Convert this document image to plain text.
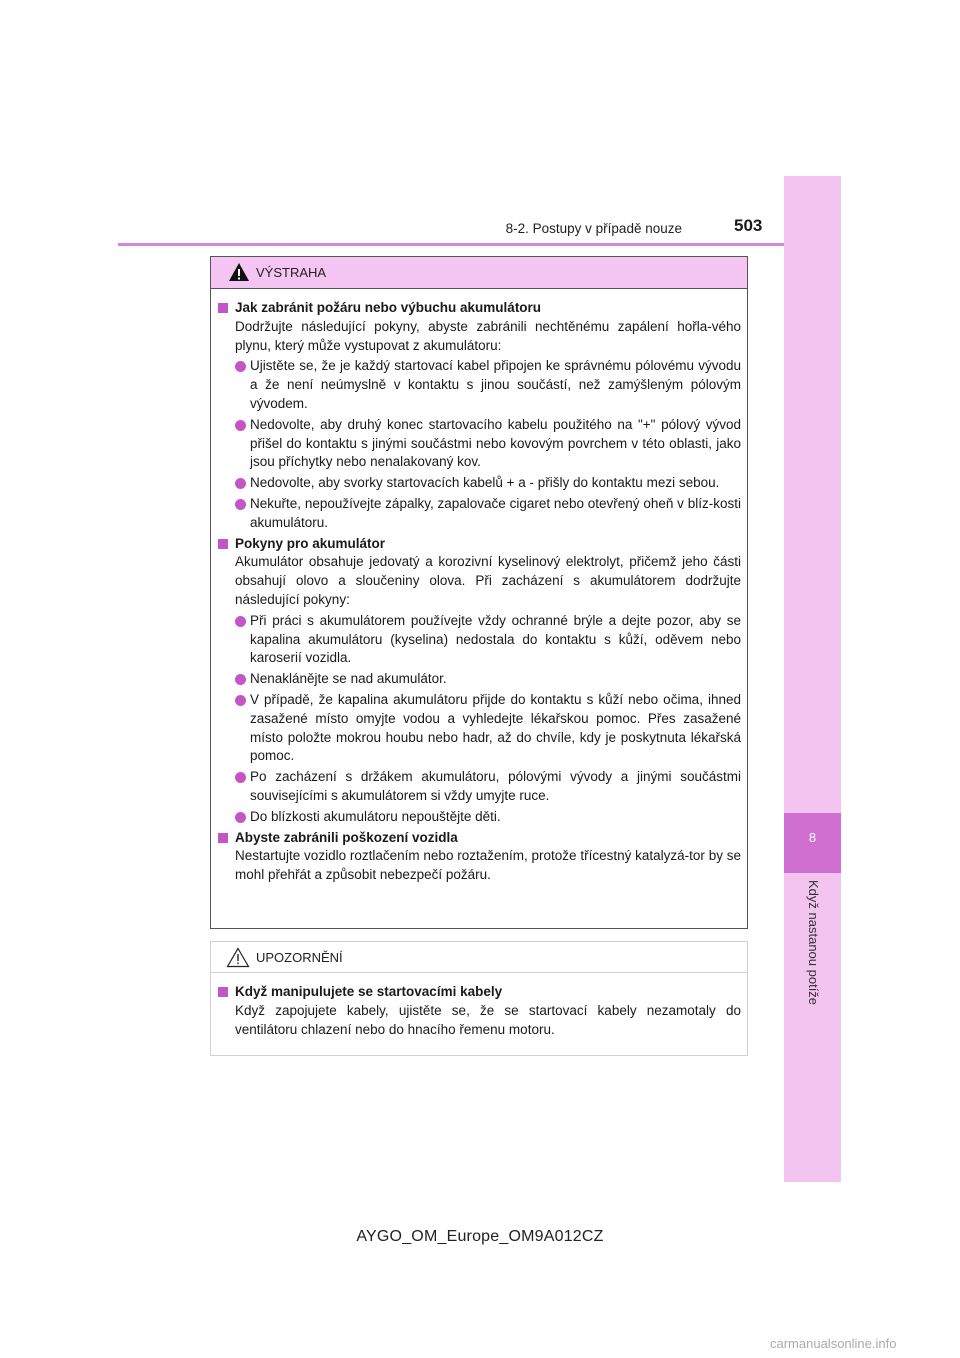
8
Když nastanou potíže
8-2. Postupy v případě nouze	503
VÝSTRAHA
Jak zabránit požáru nebo výbuchu akumulátoru
Dodržujte následující pokyny, abyste zabránili nechtěnému zapálení hořla-vého plynu, který může vystupovat z akumulátoru:
Ujistěte se, že je každý startovací kabel připojen ke správnému pólovému vývodu a že není neúmyslně v kontaktu s jinou součástí, než zamýšleným pólovým vývodem.
Nedovolte, aby druhý konec startovacího kabelu použitého na "+" pólový vývod přišel do kontaktu s jinými součástmi nebo kovovým povrchem v této oblasti, jako jsou příchytky nebo nenalakovaný kov.
Nedovolte, aby svorky startovacích kabelů + a - přišly do kontaktu mezi sebou.
Nekuřte, nepoužívejte zápalky, zapalovače cigaret nebo otevřený oheň v blíz-kosti akumulátoru.
Pokyny pro akumulátor
Akumulátor obsahuje jedovatý a korozivní kyselinový elektrolyt, přičemž jeho části obsahují olovo a sloučeniny olova. Při zacházení s akumulátorem dodržujte následující pokyny:
Při práci s akumulátorem používejte vždy ochranné brýle a dejte pozor, aby se kapalina akumulátoru (kyselina) nedostala do kontaktu s kůží, oděvem nebo karoserií vozidla.
Nenaklánějte se nad akumulátor.
V případě, že kapalina akumulátoru přijde do kontaktu s kůží nebo očima, ihned zasažené místo omyjte vodou a vyhledejte lékařskou pomoc. Přes zasažené místo položte mokrou houbu nebo hadr, až do chvíle, kdy je poskytnuta lékařská pomoc.
Po zacházení s držákem akumulátoru, pólovými vývody a jinými součástmi souvisejícími s akumulátorem si vždy umyjte ruce.
Do blízkosti akumulátoru nepouštějte děti.
Abyste zabránili poškození vozidla
Nestartujte vozidlo roztlačením nebo roztažením, protože třícestný katalyzá-tor by se mohl přehřát a způsobit nebezpečí požáru.
UPOZORNĚNÍ
Když manipulujete se startovacími kabely
Když zapojujete kabely, ujistěte se, že se startovací kabely nezamotaly do ventilátoru chlazení nebo do hnacího řemenu motoru.
AYGO_OM_Europe_OM9A012CZ
carmanualsonline.info
